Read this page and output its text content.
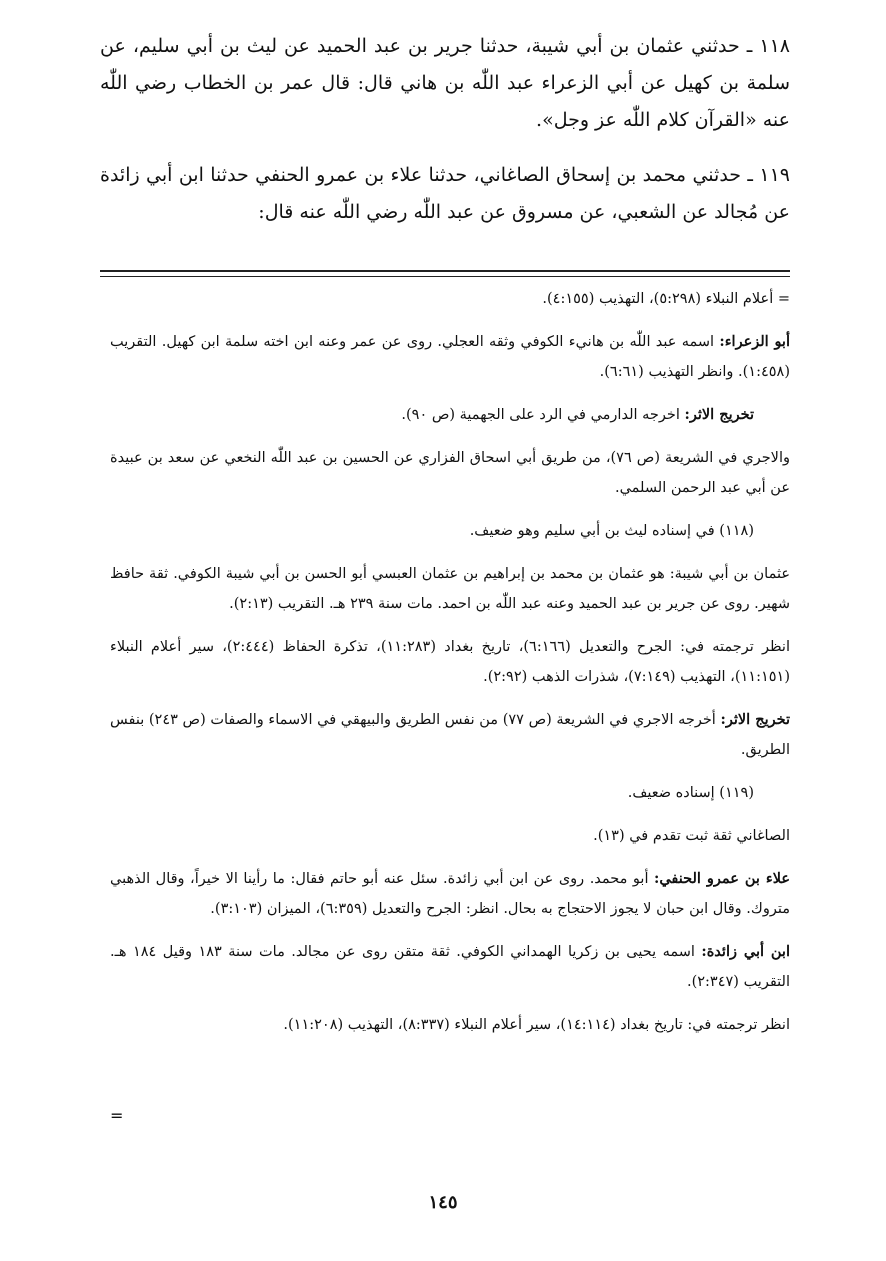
١١٨ ـ حدثني عثمان بن أبي شيبة، حدثنا جرير بن عبد الحميد عن ليث بن أبي سليم، عن سلمة بن كهيل عن أبي الزعراء عبد اللّٰه بن هاني قال: قال عمر بن الخطاب رضي اللّٰه عنه «القرآن كلام اللّٰه عز وجل».

١١٩ ـ حدثني محمد بن إسحاق الصاغاني، حدثنا علاء بن عمرو الحنفي حدثنا ابن أبي زائدة عن مُجالد عن الشعبي، عن مسروق عن عبد اللّٰه رضي اللّٰه عنه قال:

= أعلام النبلاء (٥:٢٩٨)، التهذيب (٤:١٥٥).

أبو الزعراء: اسمه عبد اللّٰه بن هانيء الكوفي وثقه العجلي. روى عن عمر وعنه ابن اخته سلمة ابن كهيل. التقريب (١:٤٥٨). وانظر التهذيب (٦:٦١).

تخريج الاثر: اخرجه الدارمي في الرد على الجهمية (ص ٩٠).

والاجري في الشريعة (ص ٧٦)، من طريق أبي اسحاق الفزاري عن الحسين بن عبد اللّٰه النخعي عن سعد بن عبيدة عن أبي عبد الرحمن السلمي.

(١١٨) في إسناده ليث بن أبي سليم وهو ضعيف.

عثمان بن أبي شيبة: هو عثمان بن محمد بن إبراهيم بن عثمان العبسي أبو الحسن بن أبي شيبة الكوفي. ثقة حافظ شهير. روى عن جرير بن عبد الحميد وعنه عبد اللّٰه بن احمد. مات سنة ٢٣٩ هـ. التقريب (٢:١٣).

انظر ترجمته في: الجرح والتعديل (٦:١٦٦)، تاريخ بغداد (١١:٢٨٣)، تذكرة الحفاظ (٢:٤٤٤)، سير أعلام النبلاء (١١:١٥١)، التهذيب (٧:١٤٩)، شذرات الذهب (٢:٩٢).

تخريج الاثر: أخرجه الاجري في الشريعة (ص ٧٧) من نفس الطريق والبيهقي في الاسماء والصفات (ص ٢٤٣) بنفس الطريق.

(١١٩) إسناده ضعيف.

الصاغاني ثقة ثبت تقدم في (١٣).

علاء بن عمرو الحنفي: أبو محمد. روى عن ابن أبي زائدة. سئل عنه أبو حاتم فقال: ما رأينا الا خيراً، وقال الذهبي متروك. وقال ابن حبان لا يجوز الاحتجاج به بحال. انظر: الجرح والتعديل (٦:٣٥٩)، الميزان (٣:١٠٣).

ابن أبي زائدة: اسمه يحيى بن زكريا الهمداني الكوفي. ثقة متقن روى عن مجالد. مات سنة ١٨٣ وقيل ١٨٤ هـ. التقريب (٢:٣٤٧).

انظر ترجمته في: تاريخ بغداد (١٤:١١٤)، سير أعلام النبلاء (٨:٣٣٧)، التهذيب (١١:٢٠٨).

=
١٤٥
